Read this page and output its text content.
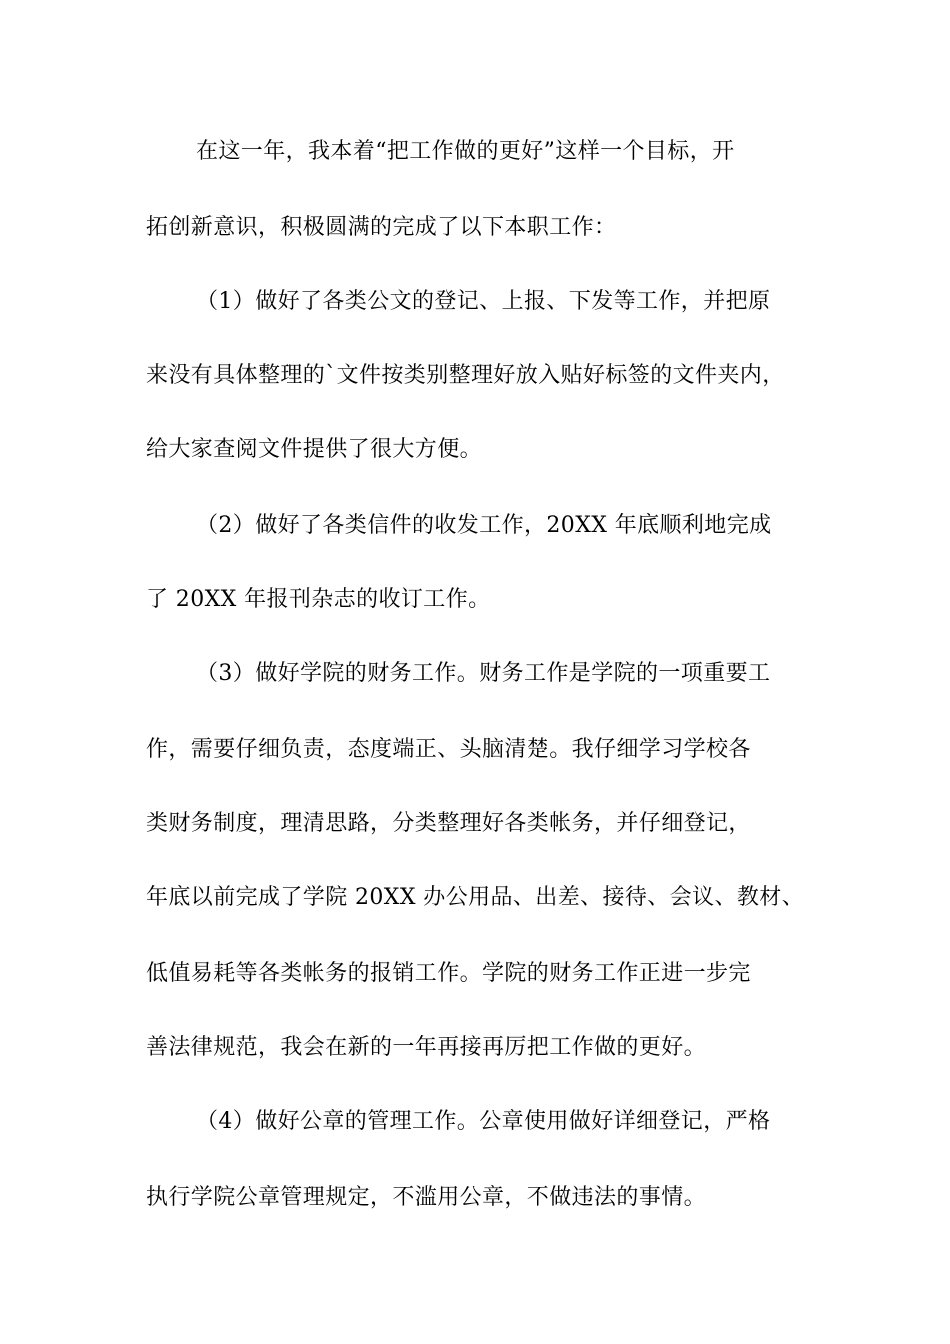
在这一年，我本着“把工作做的更好”这样一个目标，开
拓创新意识，积极圆满的完成了以下本职工作：
（1）做好了各类公文的登记、上报、下发等工作，并把原
来没有具体整理的`文件按类别整理好放入贴好标签的文件夹内，
给大家查阅文件提供了很大方便。
（2）做好了各类信件的收发工作，20XX 年底顺利地完成
了 20XX 年报刊杂志的收订工作。
（3）做好学院的财务工作。财务工作是学院的一项重要工
作，需要仔细负责，态度端正、头脑清楚。我仔细学习学校各
类财务制度，理清思路，分类整理好各类帐务，并仔细登记，
年底以前完成了学院 20XX 办公用品、出差、接待、会议、教材、
低值易耗等各类帐务的报销工作。学院的财务工作正进一步完
善法律规范，我会在新的一年再接再厉把工作做的更好。
（4）做好公章的管理工作。公章使用做好详细登记，严格
执行学院公章管理规定，不滥用公章，不做违法的事情。
